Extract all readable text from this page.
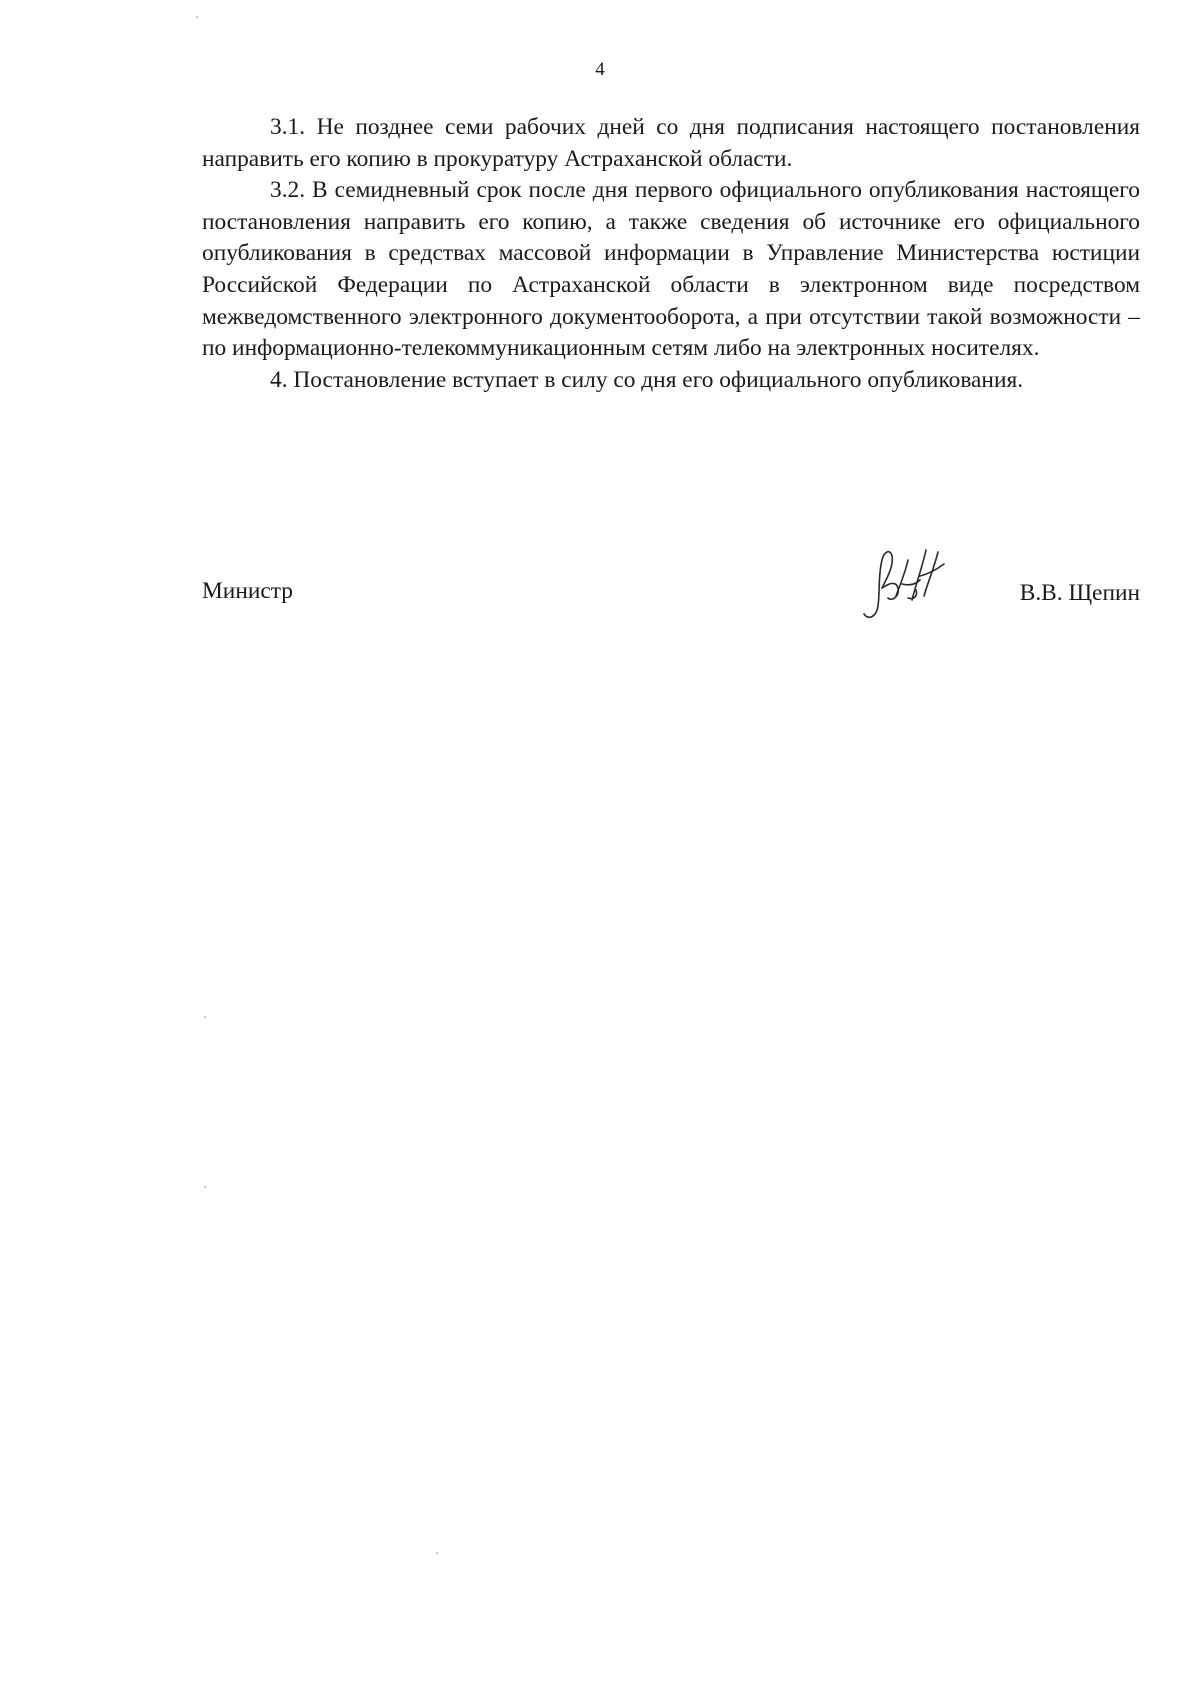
4

3.1. Не позднее семи рабочих дней со дня подписания настоящего постановления направить его копию в прокуратуру Астраханской области.

3.2. В семидневный срок после дня первого официального опубликования настоящего постановления направить его копию, а также сведения об источнике его официального опубликования в средствах массовой информации в Управление Министерства юстиции Российской Федерации по Астраханской области в электронном виде посредством межведомственного электронного документооборота, а при отсутствии такой возможности – по информационно-телекоммуникационным сетям либо на электронных носителях.

4. Постановление вступает в силу со дня его официального опубликования.

Министр	В.В. Щепин
